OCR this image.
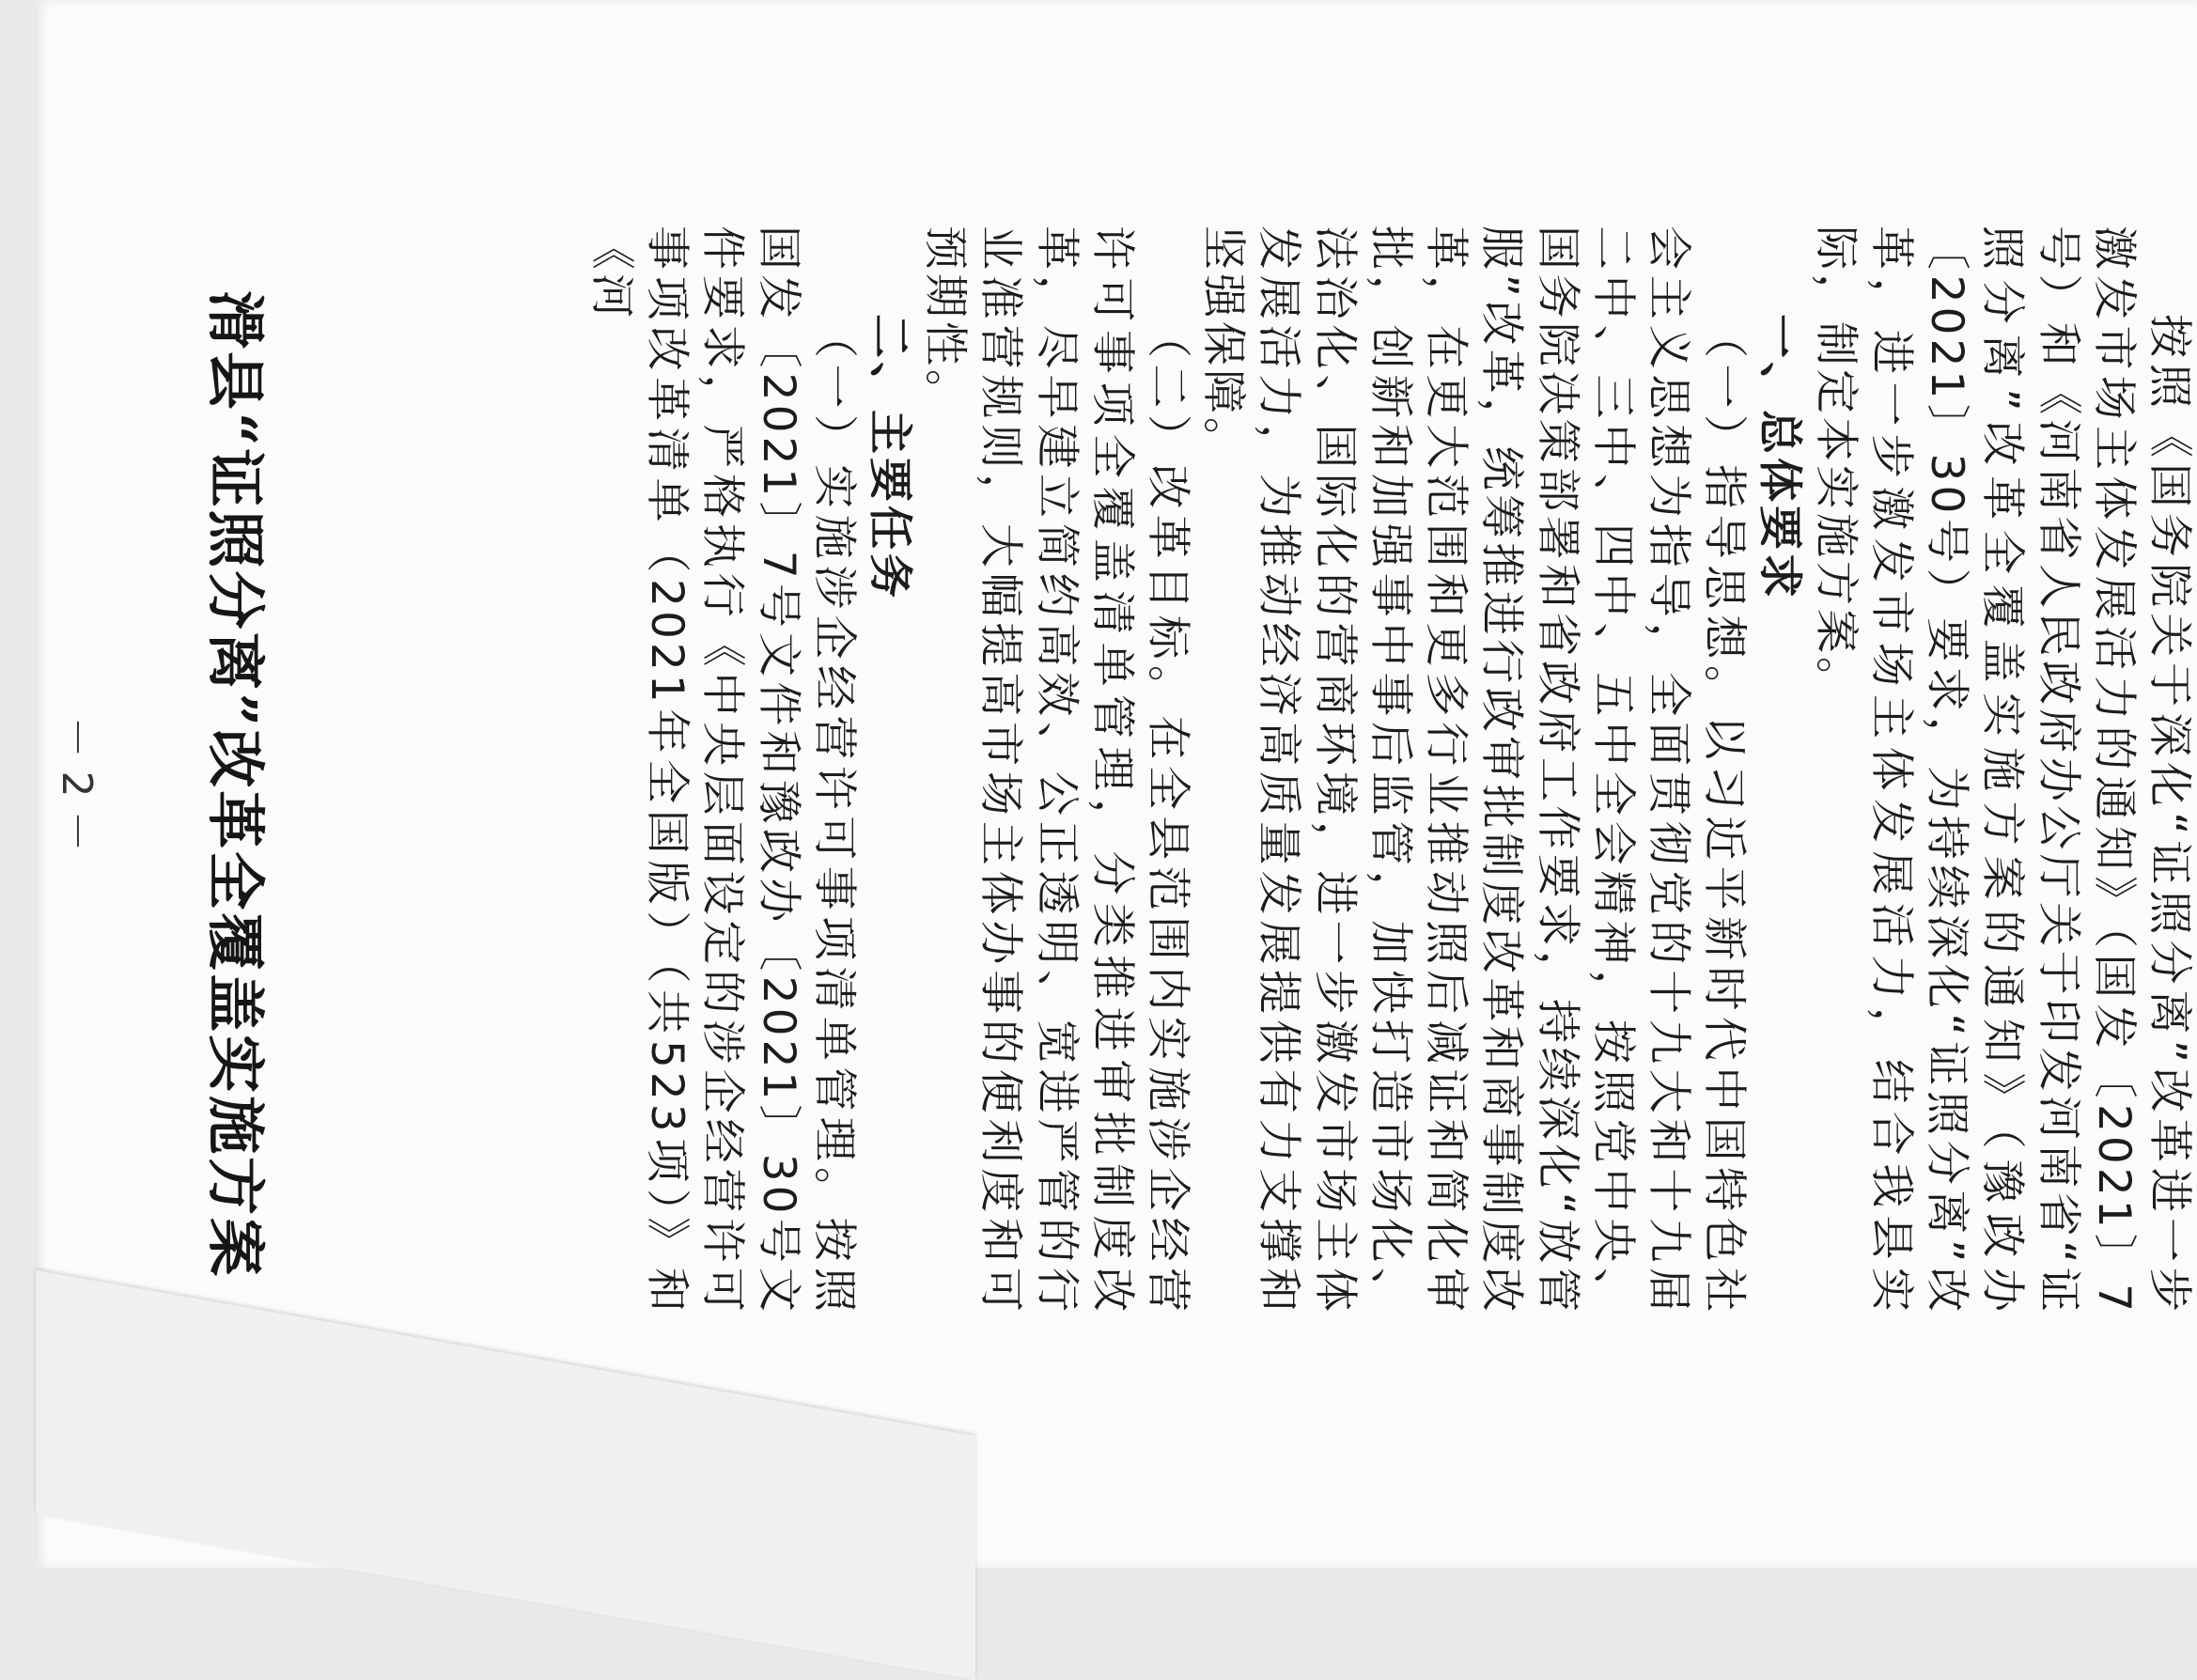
滑县“证照分离”改革全覆盖实施方案	（一）实施涉企经营许可事项清单管理。按照国发〔2021〕7号文件和豫政办〔2021〕30号文件要求，严格执行《中央层面设定的涉企经营许可事项改革清单（2021年全国版）（共523项）》和《河

二、主要任务	（二）改革目标。在全县范围内实施涉企经营许可事项全覆盖清单管理，分类推进审批制度改革，尽早建立简约高效、公正透明、宽进严管的行业准营规则，大幅提高市场主体办事的便利度和可预期性。	（一）指导思想。以习近平新时代中国特色社会主义思想为指导，全面贯彻党的十九大和十九届二中、三中、四中、五中全会精神，按照党中央、国务院决策部署和省政府工作要求，持续深化“放管服”改革，统筹推进行政审批制度改革和商事制度改革，在更大范围和更多行业推动照后减证和简化审批，创新和加强事中事后监管，加快打造市场化、法治化、国际化的营商环境，进一步激发市场主体发展活力，为推动经济高质量发展提供有力支撑和坚强保障。	一、总体要求	按照《国务院关于深化“证照分离”改革进一步激发市场主体发展活力的通知》（国发〔2021〕7号）和《河南省人民政府办公厅关于印发河南省“证照分离”改革全覆盖实施方案的通知》（豫政办〔2021〕30号）要求，为持续深化“证照分离”改革，进一步激发市场主体发展活力，结合我县实际，制定本实施方案。

－ 2 －
